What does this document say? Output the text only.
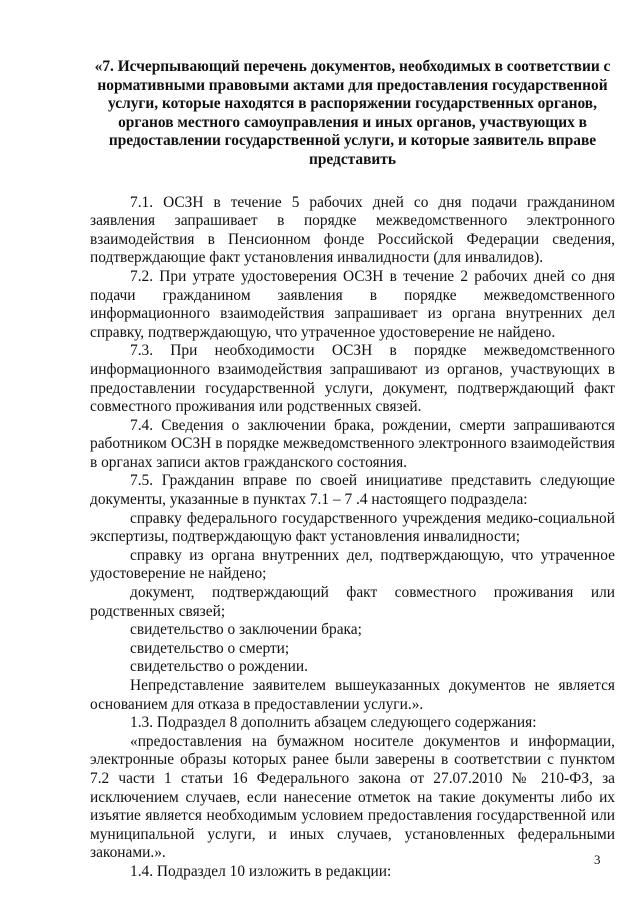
«7. Исчерпывающий перечень документов, необходимых в соответствии с нормативными правовыми актами для предоставления государственной услуги, которые находятся в распоряжении государственных органов, органов местного самоуправления и иных органов, участвующих в предоставлении государственной услуги, и которые заявитель вправе представить

7.1. ОСЗН в течение 5 рабочих дней со дня подачи гражданином заявления запрашивает в порядке межведомственного электронного взаимодействия в Пенсионном фонде Российской Федерации сведения, подтверждающие факт установления инвалидности (для инвалидов).

7.2. При утрате удостоверения ОСЗН в течение 2 рабочих дней со дня подачи гражданином заявления в порядке межведомственного информационного взаимодействия запрашивает из органа внутренних дел справку, подтверждающую, что утраченное удостоверение не найдено.

7.3. При необходимости ОСЗН в порядке межведомственного информационного взаимодействия запрашивают из органов, участвующих в предоставлении государственной услуги, документ, подтверждающий факт совместного проживания или родственных связей.

7.4. Сведения о заключении брака, рождении, смерти запрашиваются работником ОСЗН в порядке межведомственного электронного взаимодействия в органах записи актов гражданского состояния.

7.5. Гражданин вправе по своей инициативе представить следующие документы, указанные в пунктах 7.1 – 7 .4 настоящего подраздела:

справку федерального государственного учреждения медико-социальной экспертизы, подтверждающую факт установления инвалидности;

справку из органа внутренних дел, подтверждающую, что утраченное удостоверение не найдено;

документ, подтверждающий факт совместного проживания или родственных связей;

свидетельство о заключении брака;

свидетельство о смерти;

свидетельство о рождении.

Непредставление заявителем вышеуказанных документов не является основанием для отказа в предоставлении услуги.».

1.3. Подраздел 8 дополнить абзацем следующего содержания:

«предоставления на бумажном носителе документов и информации, электронные образы которых ранее были заверены в соответствии с пунктом 7.2 части 1 статьи 16 Федерального закона от 27.07.2010 № 210-ФЗ, за исключением случаев, если нанесение отметок на такие документы либо их изъятие является необходимым условием предоставления государственной или муниципальной услуги, и иных случаев, установленных федеральными законами.».

1.4. Подраздел 10 изложить в редакции:

3
